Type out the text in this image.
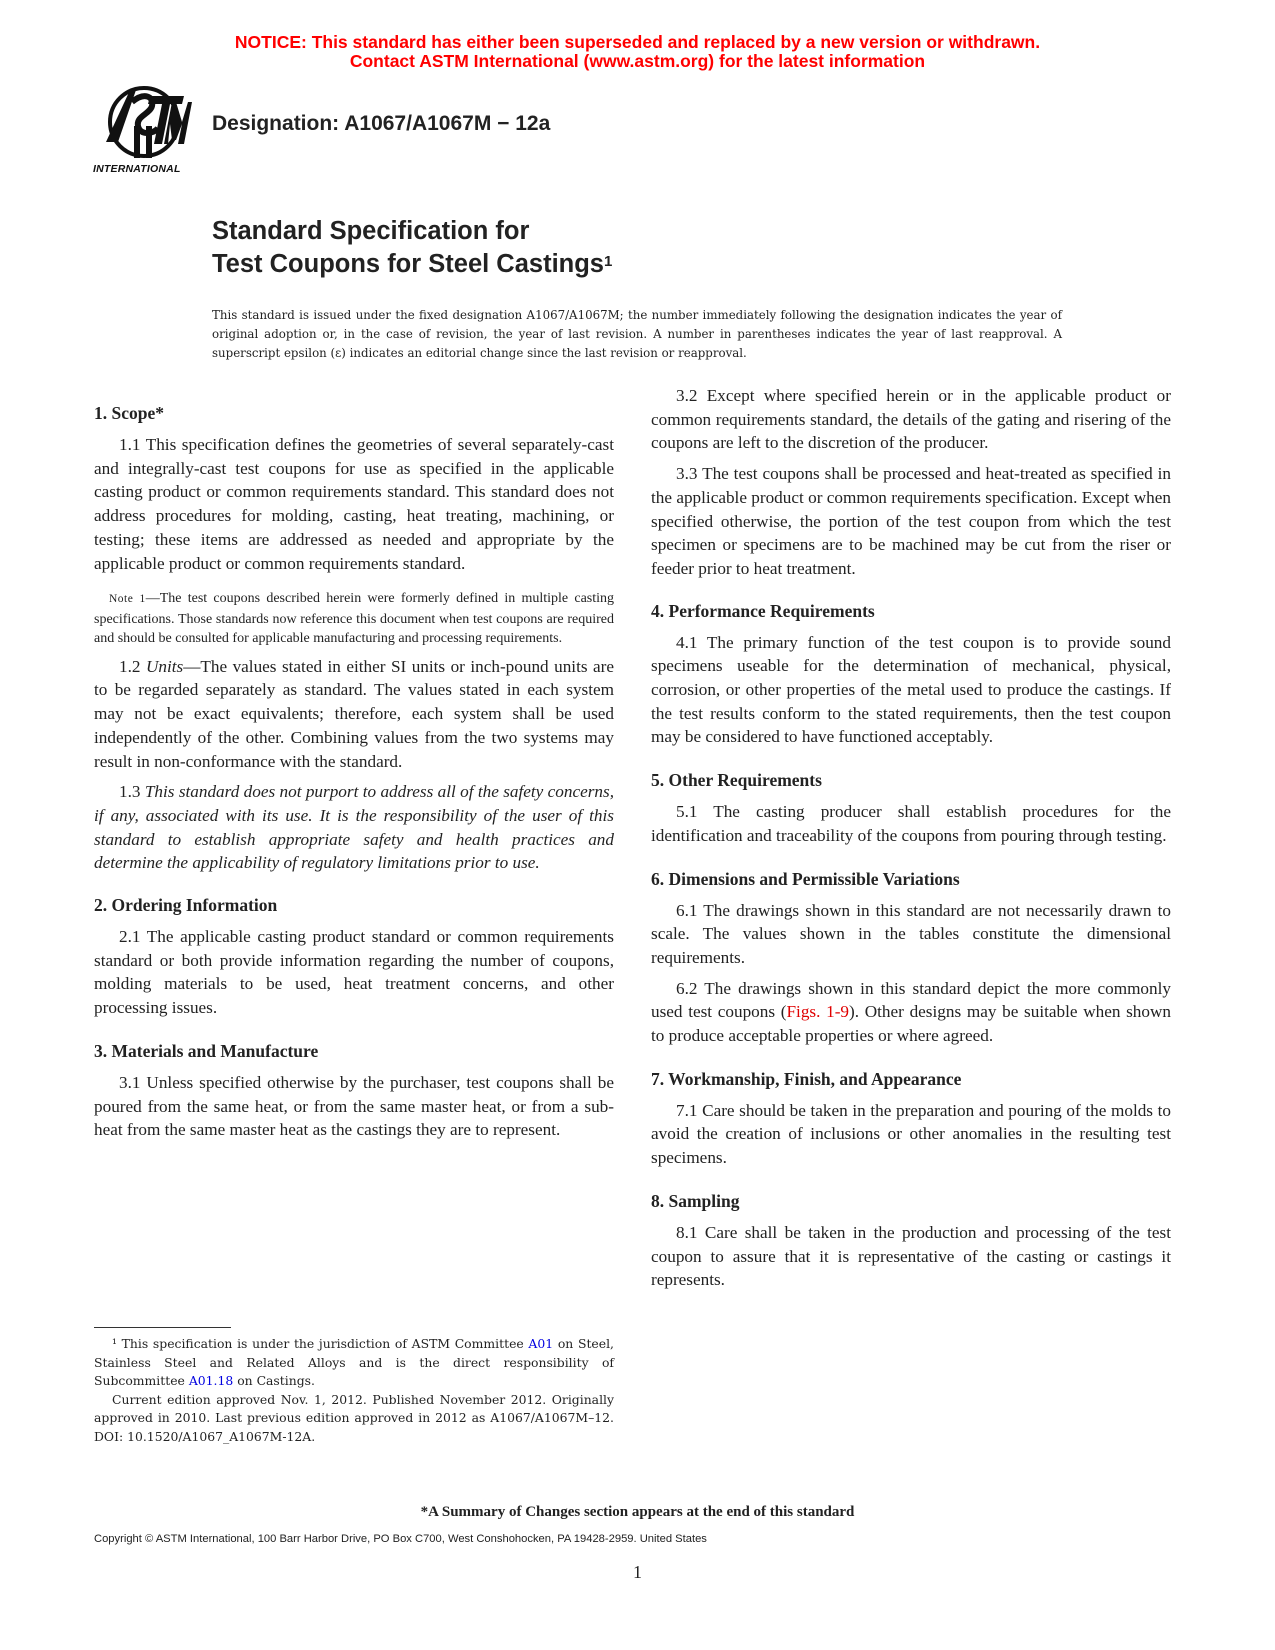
NOTICE: This standard has either been superseded and replaced by a new version or withdrawn.
Contact ASTM International (www.astm.org) for the latest information
INTERNATIONAL
Designation: A1067/A1067M − 12a
Standard Specification for
Test Coupons for Steel Castings$^1$
This standard is issued under the fixed designation A1067/A1067M; the number immediately following the designation indicates the year of original adoption or, in the case of revision, the year of last revision. A number in parentheses indicates the year of last reapproval. A superscript epsilon (ε) indicates an editorial change since the last revision or reapproval.
1. Scope*

1.1 This specification defines the geometries of several separately-cast and integrally-cast test coupons for use as specified in the applicable casting product or common requirements standard. This standard does not address procedures for molding, casting, heat treating, machining, or testing; these items are addressed as needed and appropriate by the applicable product or common requirements standard.

Note 1—The test coupons described herein were formerly defined in multiple casting specifications. Those standards now reference this document when test coupons are required and should be consulted for applicable manufacturing and processing requirements.

1.2 Units—The values stated in either SI units or inch-pound units are to be regarded separately as standard. The values stated in each system may not be exact equivalents; therefore, each system shall be used independently of the other. Combining values from the two systems may result in non-conformance with the standard.

1.3 This standard does not purport to address all of the safety concerns, if any, associated with its use. It is the responsibility of the user of this standard to establish appropriate safety and health practices and determine the applicability of regulatory limitations prior to use.

2. Ordering Information

2.1 The applicable casting product standard or common requirements standard or both provide information regarding the number of coupons, molding materials to be used, heat treatment concerns, and other processing issues.

3. Materials and Manufacture

3.1 Unless specified otherwise by the purchaser, test coupons shall be poured from the same heat, or from the same master heat, or from a sub-heat from the same master heat as the castings they are to represent.

3.2 Except where specified herein or in the applicable product or common requirements standard, the details of the gating and risering of the coupons are left to the discretion of the producer.

3.3 The test coupons shall be processed and heat-treated as specified in the applicable product or common requirements specification. Except when specified otherwise, the portion of the test coupon from which the test specimen or specimens are to be machined may be cut from the riser or feeder prior to heat treatment.

4. Performance Requirements

4.1 The primary function of the test coupon is to provide sound specimens useable for the determination of mechanical, physical, corrosion, or other properties of the metal used to produce the castings. If the test results conform to the stated requirements, then the test coupon may be considered to have functioned acceptably.

5. Other Requirements

5.1 The casting producer shall establish procedures for the identification and traceability of the coupons from pouring through testing.

6. Dimensions and Permissible Variations

6.1 The drawings shown in this standard are not necessarily drawn to scale. The values shown in the tables constitute the dimensional requirements.

6.2 The drawings shown in this standard depict the more commonly used test coupons (Figs. 1-9). Other designs may be suitable when shown to produce acceptable properties or where agreed.

7. Workmanship, Finish, and Appearance

7.1 Care should be taken in the preparation and pouring of the molds to avoid the creation of inclusions or other anomalies in the resulting test specimens.

8. Sampling

8.1 Care shall be taken in the production and processing of the test coupon to assure that it is representative of the casting or castings it represents.

¹ This specification is under the jurisdiction of ASTM Committee A01 on Steel, Stainless Steel and Related Alloys and is the direct responsibility of Subcommittee A01.18 on Castings.

Current edition approved Nov. 1, 2012. Published November 2012. Originally approved in 2010. Last previous edition approved in 2012 as A1067/A1067M–12. DOI: 10.1520/A1067_A1067M-12A.

*A Summary of Changes section appears at the end of this standard
Copyright © ASTM International, 100 Barr Harbor Drive, PO Box C700, West Conshohocken, PA 19428-2959. United States
1
